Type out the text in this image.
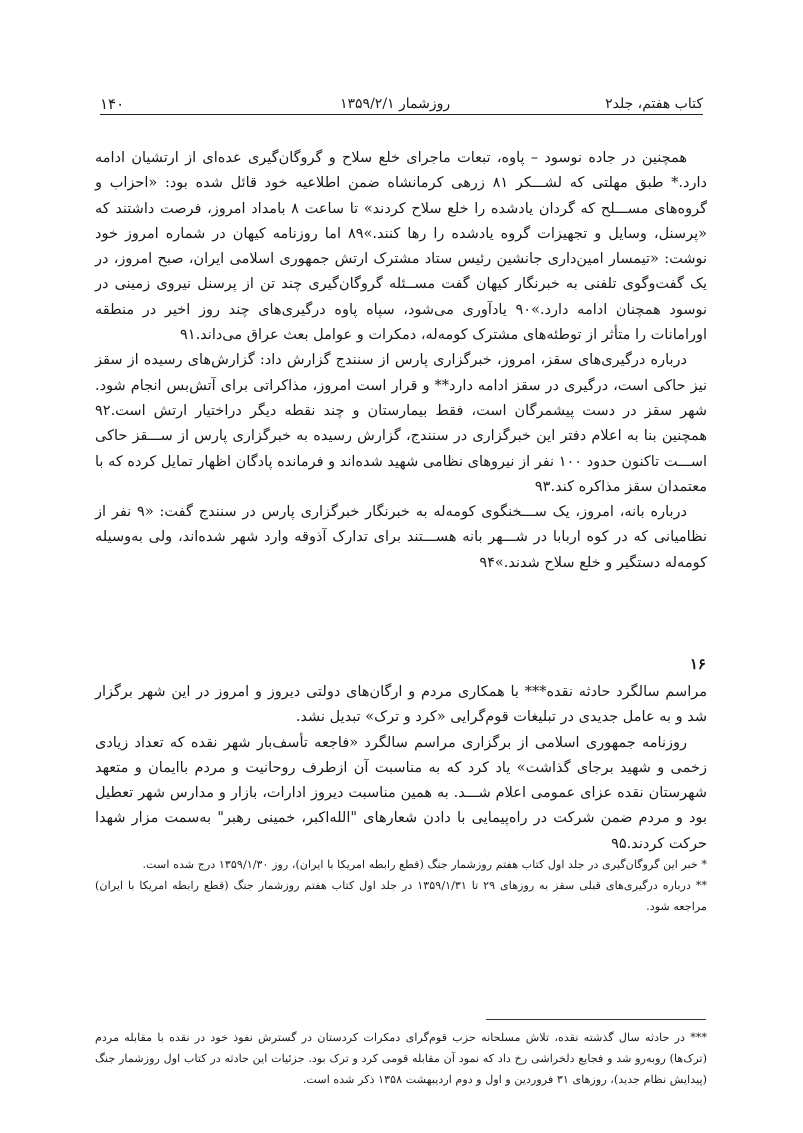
۱۴۰	روزشمار ۱۳۵۹/۲/۱	کتاب هفتم، جلد۲

همچنین در جاده نوسود – پاوه، تبعات ماجرای خلع سلاح و گروگان‌گیری عده‌ای از ارتشیان ادامه دارد.* طبق مهلتی که لشـــکر ۸۱ زرهی کرمانشاه ضمن اطلاعیه خود قائل شده بود: «احزاب و گروه‌های مســـلح که گردان یادشده را خلع سلاح کردند» تا ساعت ۸ بامداد امروز، فرصت داشتند که «پرسنل، وسایل و تجهیزات گروه یادشده را رها کنند.»۸۹ اما روزنامه کیهان در شماره امروز خود نوشت: «تیمسار امین‌داری جانشین رئیس ستاد مشترک ارتش جمهوری اسلامی ایران، صبح امروز، در یک گفت‌وگوی تلفنی به خبرنگار کیهان گفت مســئله گروگان‌گیری چند تن از پرسنل نیروی زمینی در نوسود همچنان ادامه دارد.»۹۰ یادآوری می‌شود، سپاه پاوه درگیری‌های چند روز اخیر در منطقه اورامانات را متأثر از توطئه‌های مشترک کومه‌له، دمکرات و عوامل بعث عراق می‌داند.۹۱

درباره درگیری‌های سقز، امروز، خبرگزاری پارس از سنندج گزارش داد: گزارش‌های رسیده از سقز نیز حاکی است، درگیری در سقز ادامه دارد** و قرار است امروز، مذاکراتی برای آتش‌بس انجام شود. شهر سقز در دست پیشمرگان است، فقط بیمارستان و چند نقطه دیگر دراختیار ارتش است.۹۲ همچنین بنا به اعلام دفتر این خبرگزاری در سنندج، گزارش رسیده به خبرگزاری پارس از ســـقز حاکی اســـت تاکنون حدود ۱۰۰ نفر از نیروهای نظامی شهید شده‌اند و فرمانده پادگان اظهار تمایل کرده که با معتمدان سقز مذاکره کند.۹۳

درباره بانه، امروز، یک ســـخنگوی کومه‌له به خبرنگار خبرگزاری پارس در سنندج گفت: «۹ نفر از نظامیانی که در کوه اربابا در شـــهر بانه هســـتند برای تدارک آذوقه وارد شهر شده‌اند، ولی به‌وسیله کومه‌له دستگیر و خلع سلاح شدند.»۹۴

۱۶

مراسم سالگرد حادثه نقده*** با همکاری مردم و ارگان‌های دولتی دیروز و امروز در این شهر برگزار شد و به عامل جدیدی در تبلیغات قوم‌گرایی «کرد و ترک» تبدیل نشد.

روزنامه جمهوری اسلامی از برگزاری مراسم سالگرد «فاجعه تأسف‌بار شهر نقده که تعداد زیادی زخمی و شهید برجای گذاشت» یاد کرد که به مناسبت آن ازطرف روحانیت و مردم باایمان و متعهد شهرستان نقده عزای عمومی اعلام شـــد. به همین مناسبت دیروز ادارات، بازار و مدارس شهر تعطیل بود و مردم ضمن شرکت در راه‌پیمایی با دادن شعارهای "الله‌اکبر، خمینی رهبر" به‌سمت مزار شهدا حرکت کردند.۹۵

* خبر این گروگان‌گیری در جلد اول کتاب هفتم روزشمار جنگ (قطع رابطه امریکا با ایران)، روز ۱۳۵۹/۱/۳۰ درج شده است.

** درباره درگیری‌های قبلی سقز به روزهای ۲۹ تا ۱۳۵۹/۱/۳۱ در جلد اول کتاب هفتم روزشمار جنگ (قطع رابطه امریکا با ایران) مراجعه شود.

*** در حادثه سال گذشته نقده، تلاش مسلحانه حزب قوم‌گرای دمکرات کردستان در گسترش نفوذ خود در نقده با مقابله مردم (ترک‌ها) روبه‌رو شد و فجایع دلخراشی رخ داد که نمود آن مقابله قومی کرد و ترک بود. جزئیات این حادثه در کتاب اول روزشمار جنگ (پیدایش نظام جدید)، روزهای ۳۱ فروردین و اول و دوم اردیبهشت ۱۳۵۸ ذکر شده است.
